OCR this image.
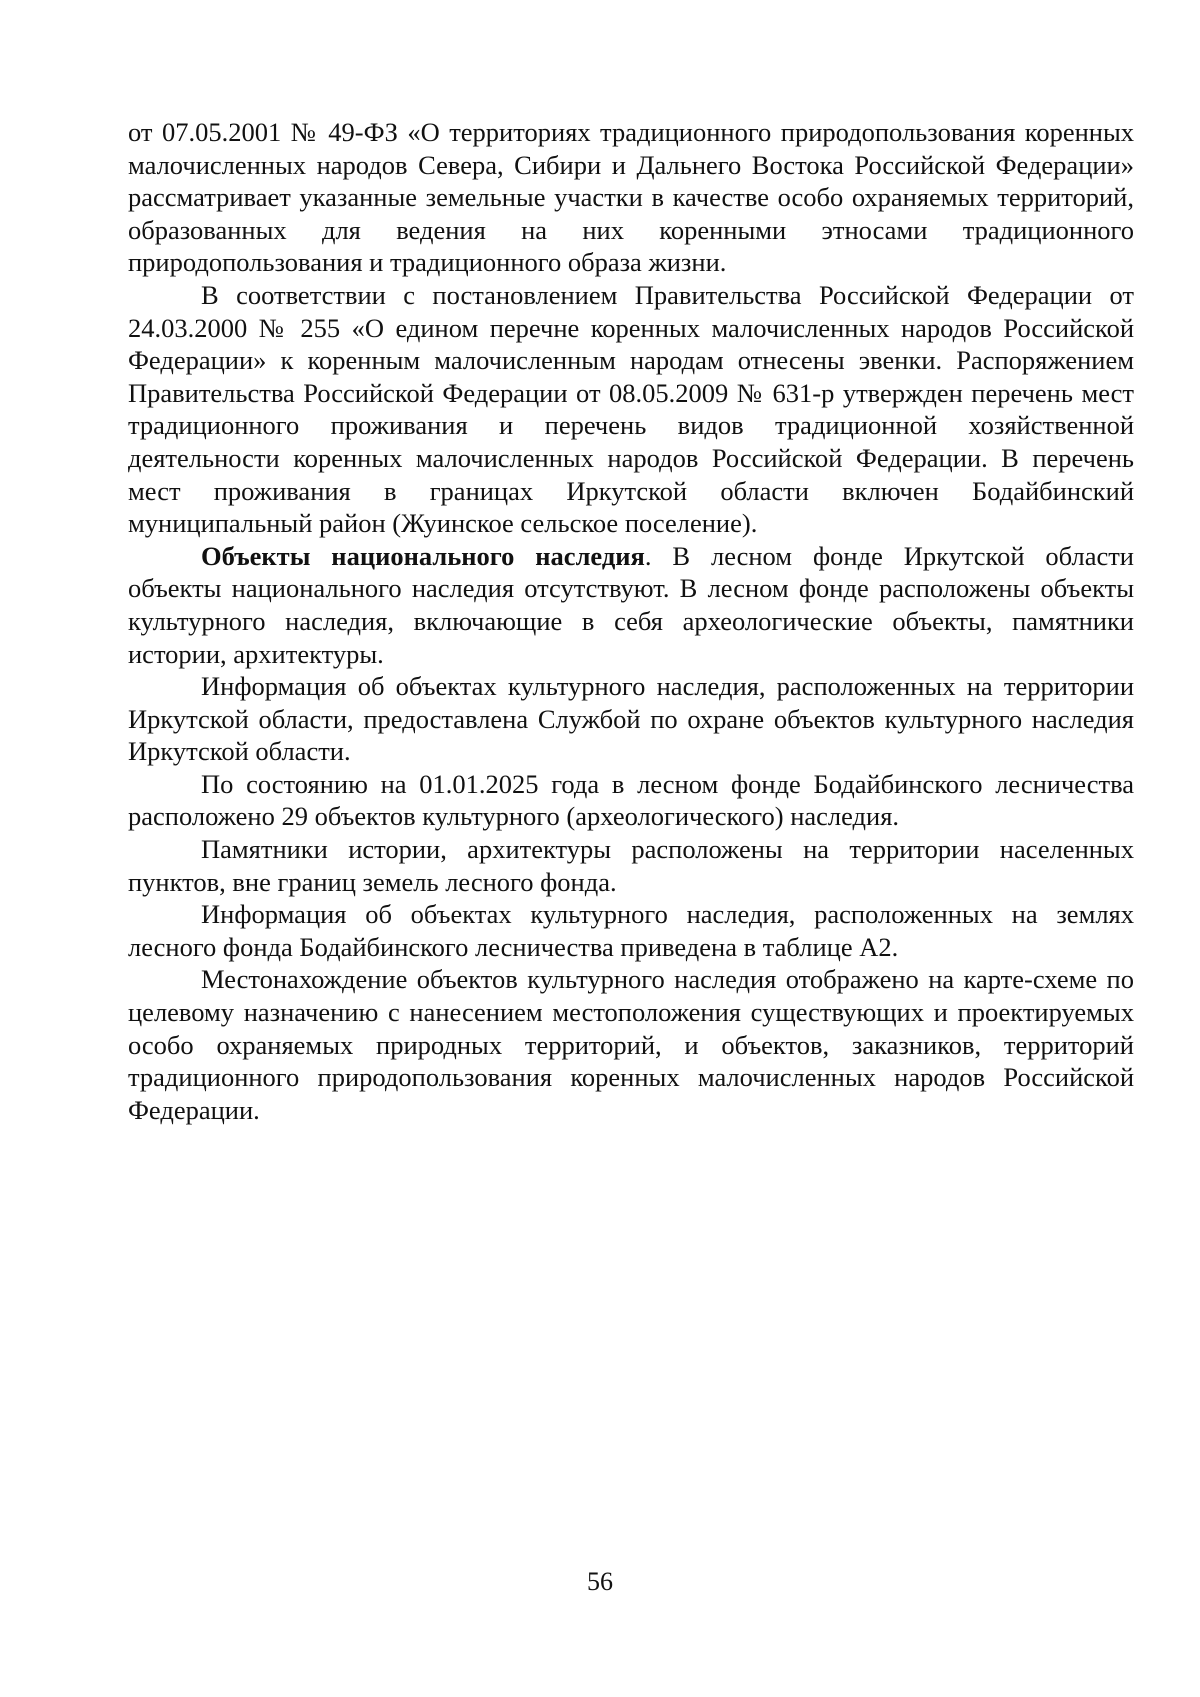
от 07.05.2001 № 49-ФЗ «О территориях традиционного природопользования коренных малочисленных народов Севера, Сибири и Дальнего Востока Российской Федерации» рассматривает указанные земельные участки в качестве особо охраняемых территорий, образованных для ведения на них коренными этносами традиционного природопользования и традиционного образа жизни.

В соответствии с постановлением Правительства Российской Федерации от 24.03.2000 № 255 «О едином перечне коренных малочисленных народов Российской Федерации» к коренным малочисленным народам отнесены эвенки. Распоряжением Правительства Российской Федерации от 08.05.2009 № 631-р утвержден перечень мест традиционного проживания и перечень видов традиционной хозяйственной деятельности коренных малочисленных народов Российской Федерации. В перечень мест проживания в границах Иркутской области включен Бодайбинский муниципальный район (Жуинское сельское поселение).

Объекты национального наследия. В лесном фонде Иркутской области объекты национального наследия отсутствуют. В лесном фонде расположены объекты культурного наследия, включающие в себя археологические объекты, памятники истории, архитектуры.

Информация об объектах культурного наследия, расположенных на территории Иркутской области, предоставлена Службой по охране объектов культурного наследия Иркутской области.

По состоянию на 01.01.2025 года в лесном фонде Бодайбинского лесничества расположено 29 объектов культурного (археологического) наследия.

Памятники истории, архитектуры расположены на территории населенных пунктов, вне границ земель лесного фонда.

Информация об объектах культурного наследия, расположенных на землях лесного фонда Бодайбинского лесничества приведена в таблице А2.

Местонахождение объектов культурного наследия отображено на карте-схеме по целевому назначению с нанесением местоположения существующих и проектируемых особо охраняемых природных территорий, и объектов, заказников, территорий традиционного природопользования коренных малочисленных народов Российской Федерации.

56
